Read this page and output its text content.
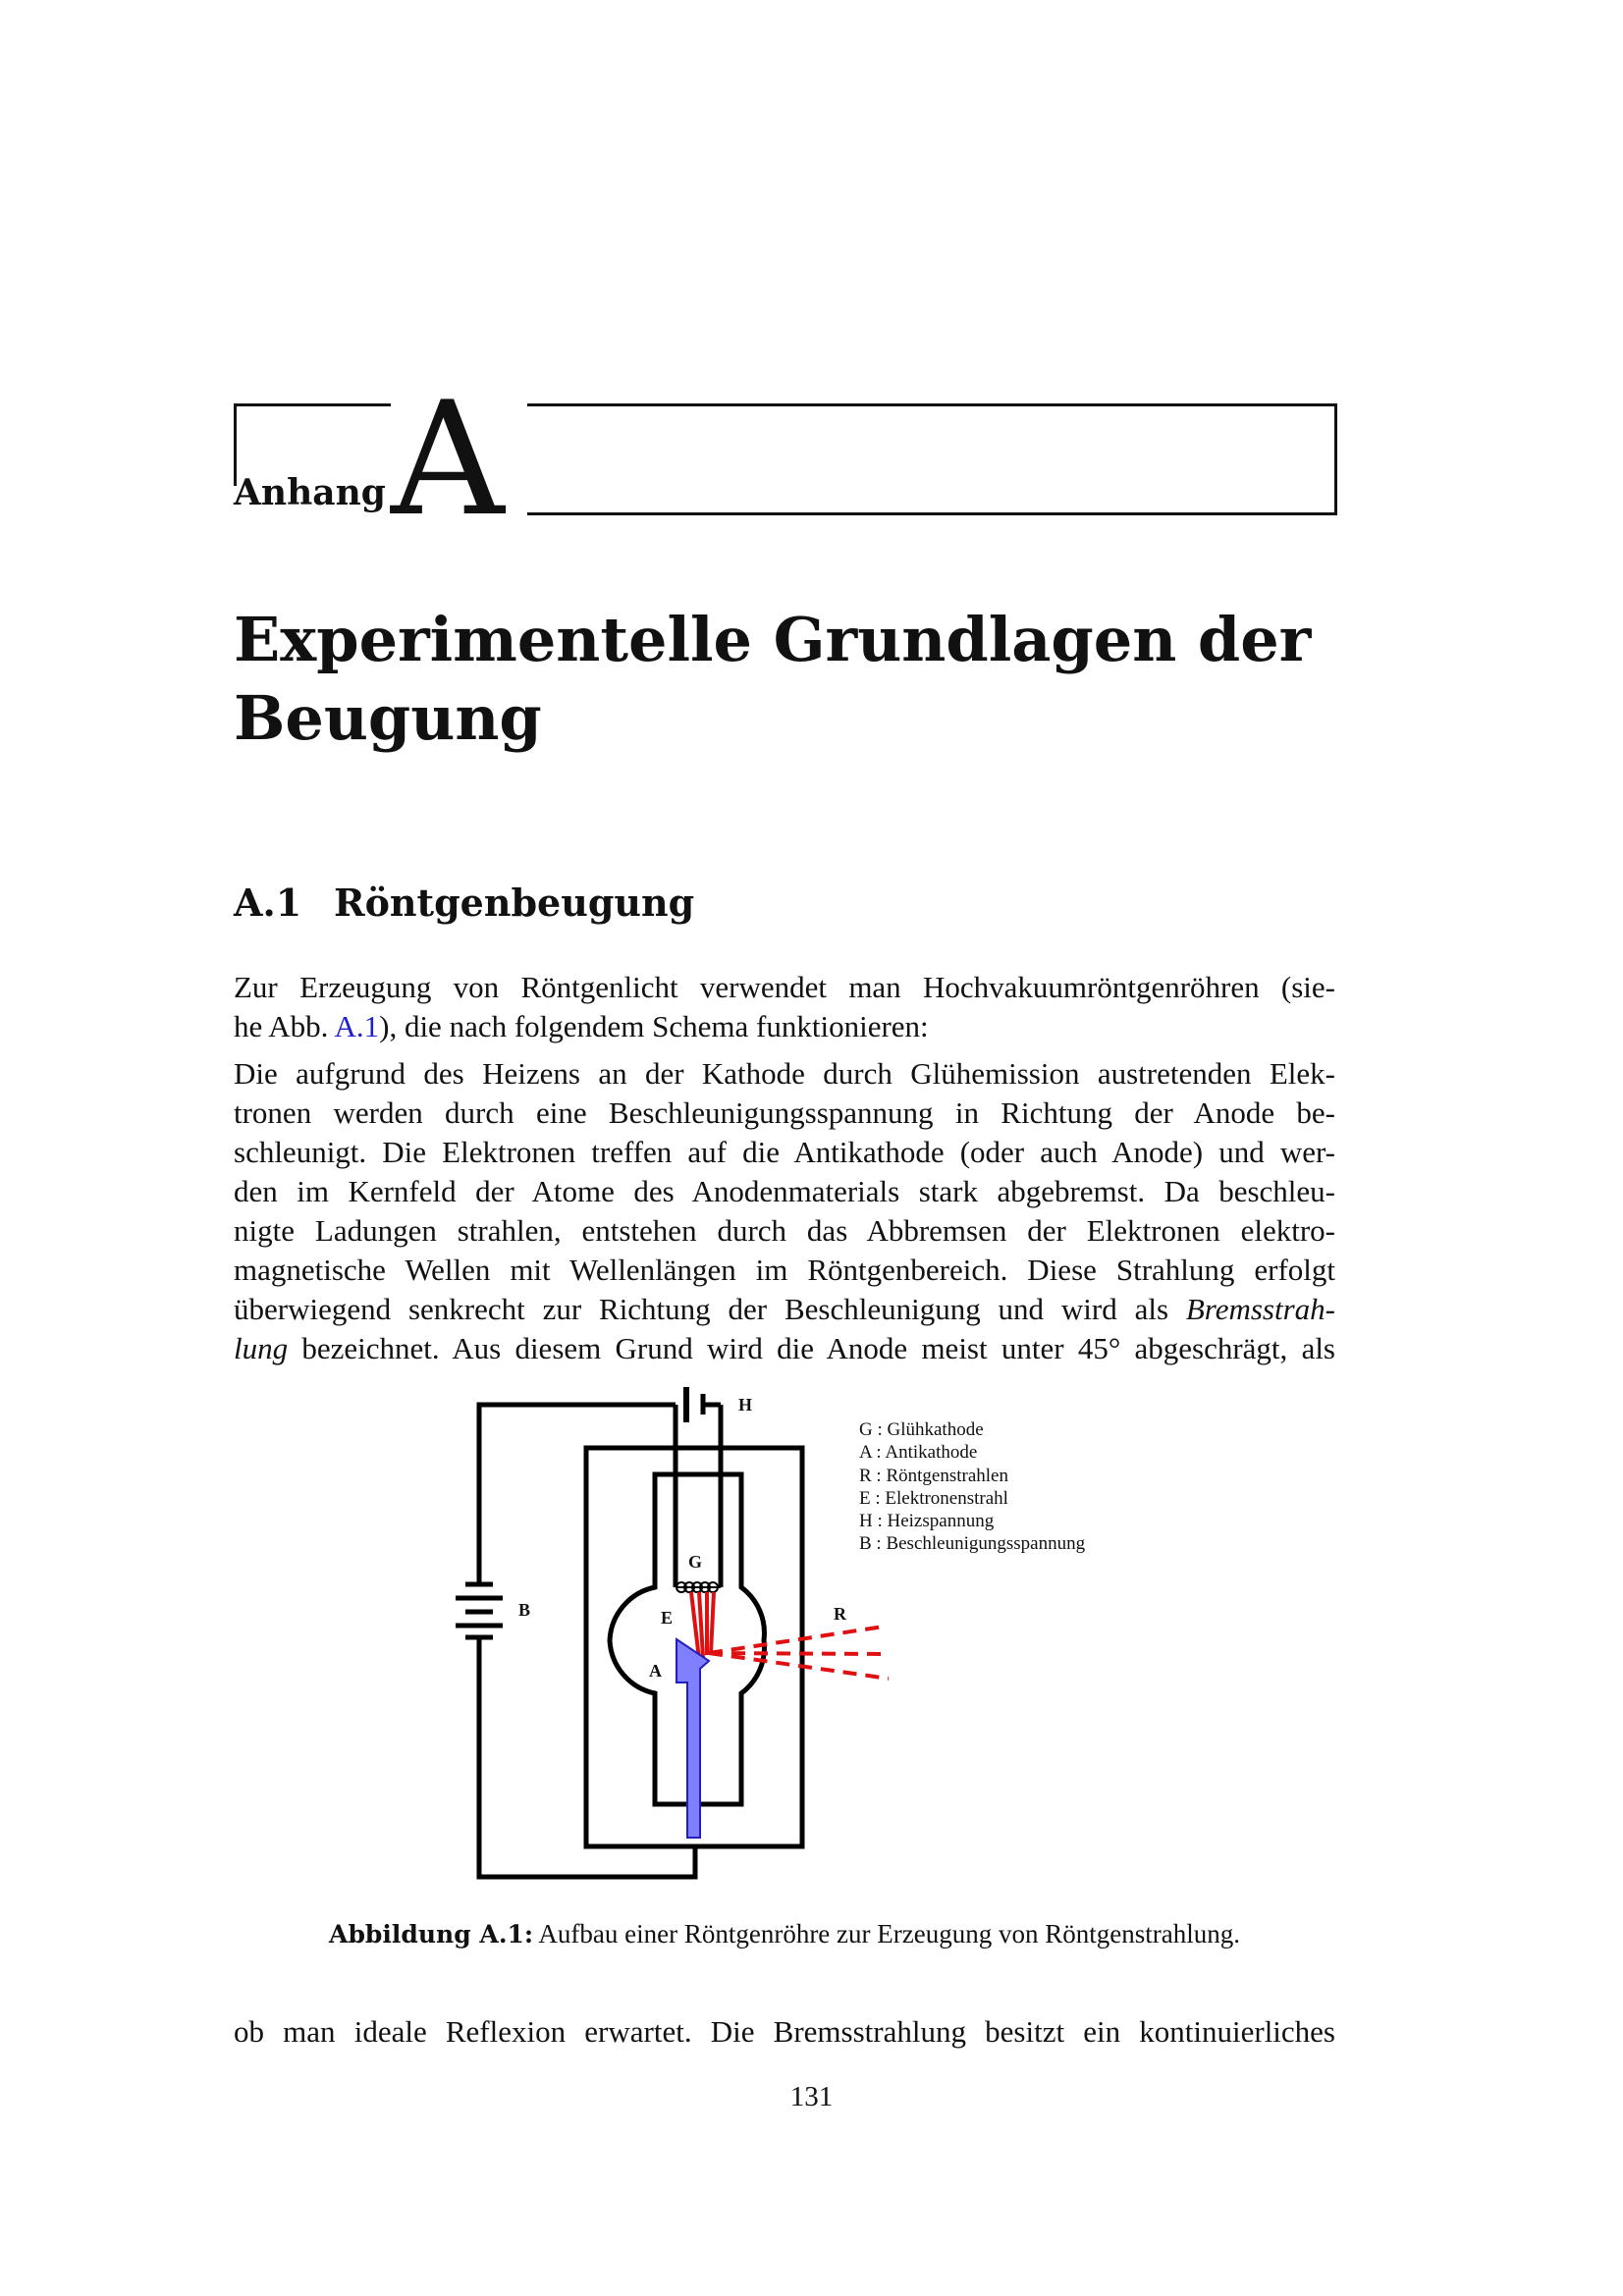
Anhang A
Experimentelle Grundlagen der
Beugung
A.1 Röntgenbeugung
Zur Erzeugung von Röntgenlicht verwendet man Hochvakuumröntgenröhren (sie-
he Abb. A.1), die nach folgendem Schema funktionieren:
Die aufgrund des Heizens an der Kathode durch Glühemission austretenden Elek-
tronen werden durch eine Beschleunigungsspannung in Richtung der Anode be-
schleunigt. Die Elektronen treffen auf die Antikathode (oder auch Anode) und wer-
den im Kernfeld der Atome des Anodenmaterials stark abgebremst. Da beschleu-
nigte Ladungen strahlen, entstehen durch das Abbremsen der Elektronen elektro-
magnetische Wellen mit Wellenlängen im Röntgenbereich. Diese Strahlung erfolgt
überwiegend senkrecht zur Richtung der Beschleunigung und wird als Bremsstrah-
lung bezeichnet. Aus diesem Grund wird die Anode meist unter 45° abgeschrägt, als
H
G
B	E	R
A
G : Glühkathode
A : Antikathode
R : Röntgenstrahlen
E : Elektronenstrahl
H : Heizspannung
B : Beschleunigungsspannung
Abbildung A.1: Aufbau einer Röntgenröhre zur Erzeugung von Röntgenstrahlung.
ob man ideale Reflexion erwartet. Die Bremsstrahlung besitzt ein kontinuierliches
131
